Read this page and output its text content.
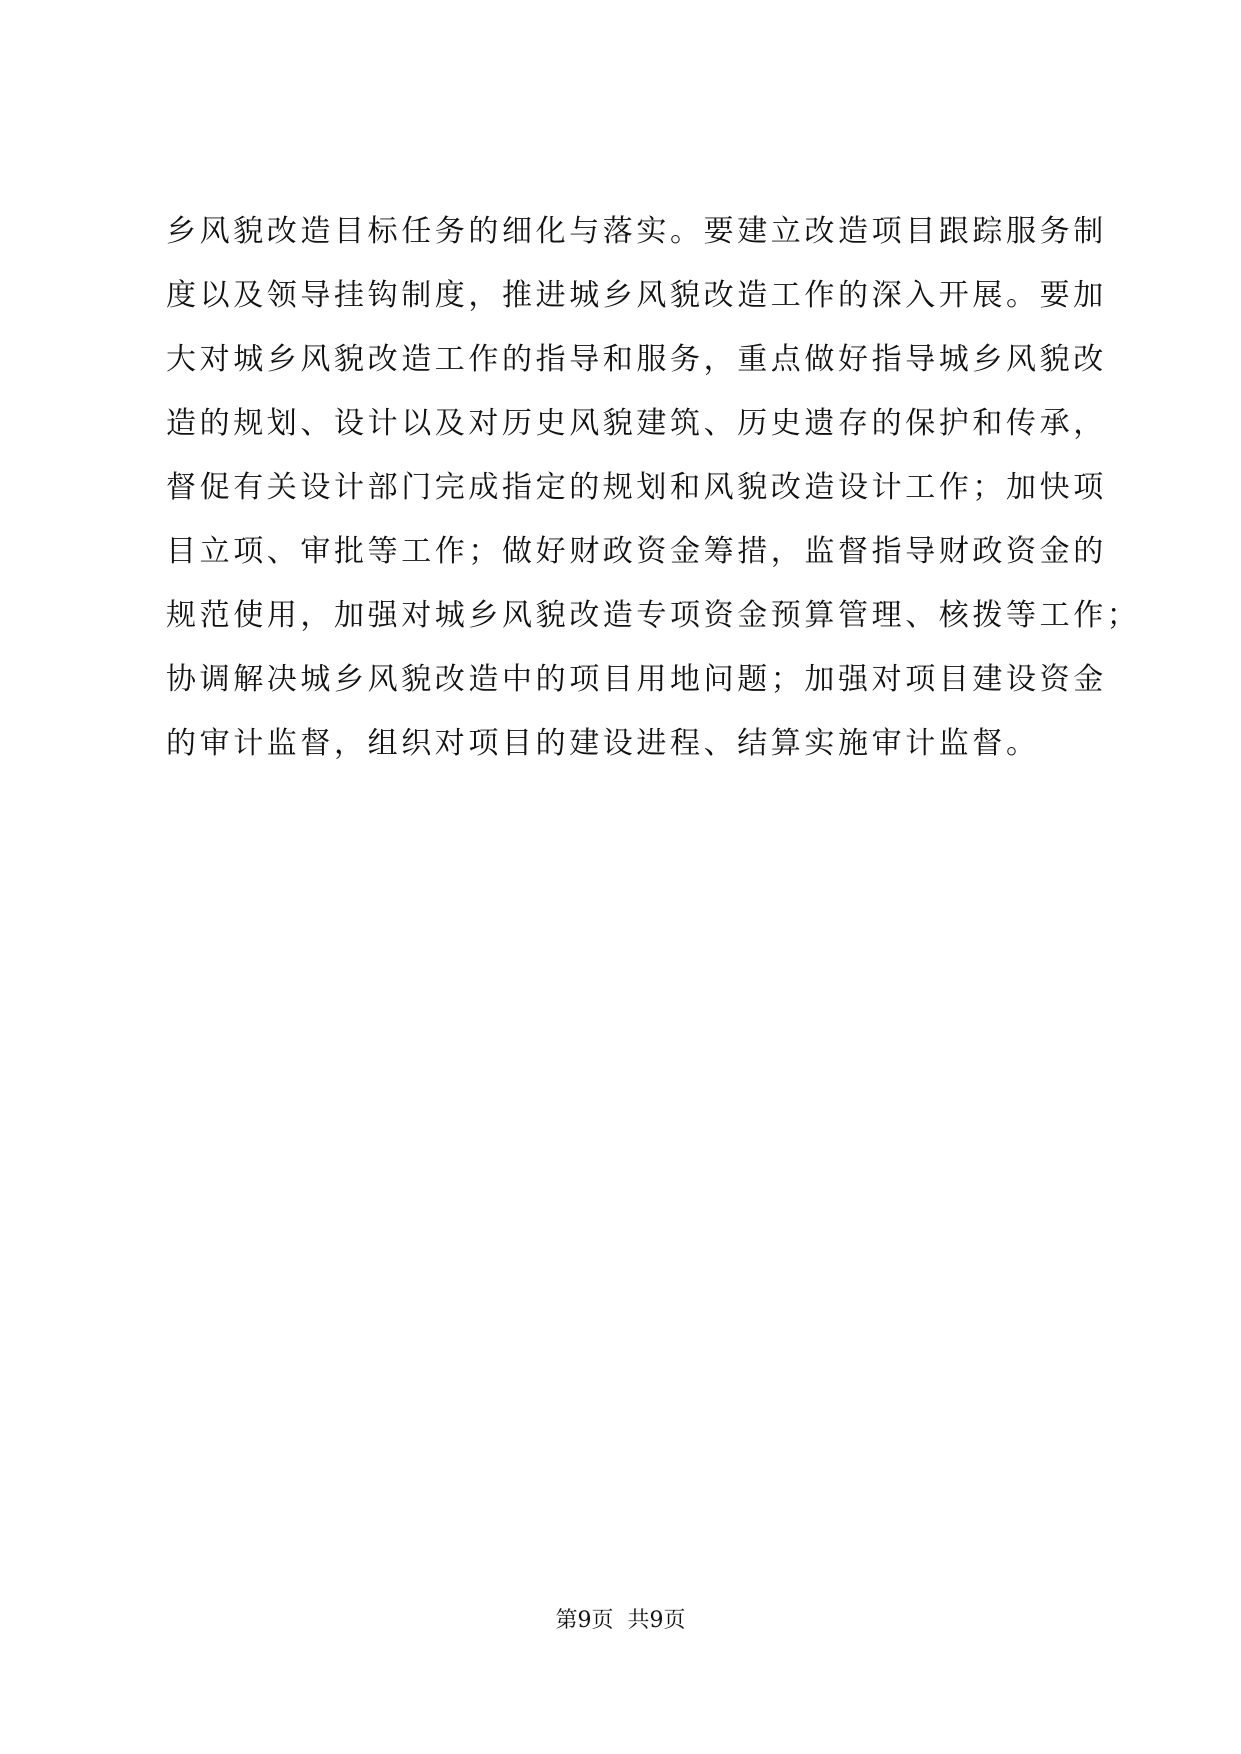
乡风貌改造目标任务的细化与落实。要建立改造项目跟踪服务制
度以及领导挂钩制度，推进城乡风貌改造工作的深入开展。要加
大对城乡风貌改造工作的指导和服务，重点做好指导城乡风貌改
造的规划、设计以及对历史风貌建筑、历史遗存的保护和传承，
督促有关设计部门完成指定的规划和风貌改造设计工作；加快项
目立项、审批等工作；做好财政资金筹措，监督指导财政资金的
规范使用，加强对城乡风貌改造专项资金预算管理、核拨等工作；
协调解决城乡风貌改造中的项目用地问题；加强对项目建设资金
的审计监督，组织对项目的建设进程、结算实施审计监督。
第9页 共9页
